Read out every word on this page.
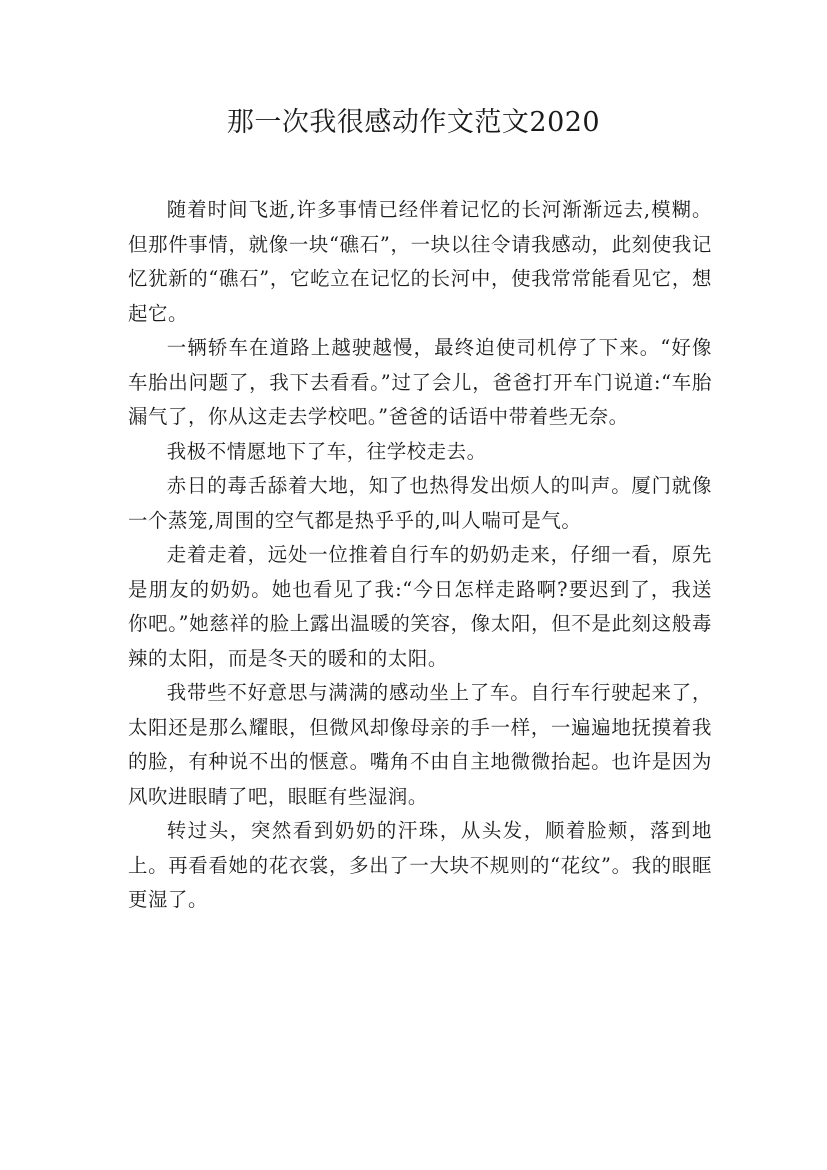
那一次我很感动作文范文2020

随着时间飞逝,许多事情已经伴着记忆的长河渐渐远去,模糊。但那件事情，就像一块“礁石”，一块以往令请我感动，此刻使我记忆犹新的“礁石”，它屹立在记忆的长河中，使我常常能看见它，想起它。

一辆轿车在道路上越驶越慢，最终迫使司机停了下来。“好像车胎出问题了，我下去看看。”过了会儿，爸爸打开车门说道:“车胎漏气了，你从这走去学校吧。”爸爸的话语中带着些无奈。

我极不情愿地下了车，往学校走去。

赤日的毒舌舔着大地，知了也热得发出烦人的叫声。厦门就像一个蒸笼,周围的空气都是热乎乎的,叫人喘可是气。

走着走着，远处一位推着自行车的奶奶走来，仔细一看，原先是朋友的奶奶。她也看见了我:“今日怎样走路啊?要迟到了，我送你吧。”她慈祥的脸上露出温暖的笑容，像太阳，但不是此刻这般毒辣的太阳，而是冬天的暖和的太阳。

我带些不好意思与满满的感动坐上了车。自行车行驶起来了，太阳还是那么耀眼，但微风却像母亲的手一样，一遍遍地抚摸着我的脸，有种说不出的惬意。嘴角不由自主地微微抬起。也许是因为风吹进眼睛了吧，眼眶有些湿润。

转过头，突然看到奶奶的汗珠，从头发，顺着脸颊，落到地上。再看看她的花衣裳，多出了一大块不规则的“花纹”。我的眼眶更湿了。
